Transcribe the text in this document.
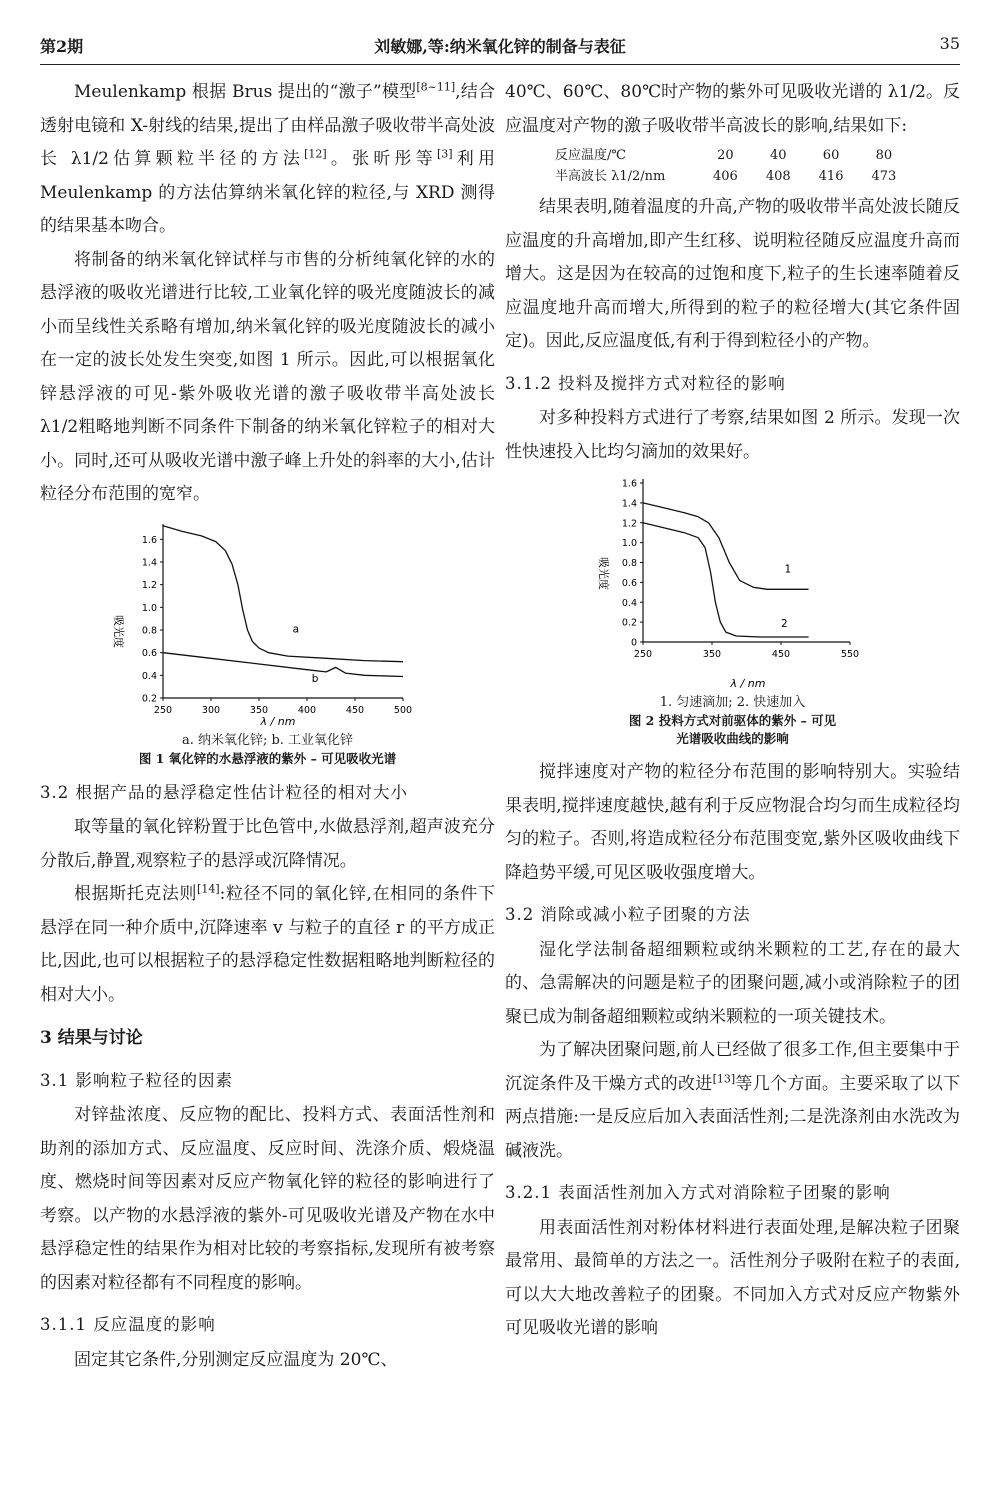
第2期	刘敏娜,等:纳米氧化锌的制备与表征	35

Meulenkamp 根据 Brus 提出的“激子”模型[8~11],结合透射电镜和 X-射线的结果,提出了由样品激子吸收带半高处波长 λ1/2估算颗粒半径的方法[12]。张昕彤等[3]利用 Meulenkamp 的方法估算纳米氧化锌的粒径,与 XRD 测得的结果基本吻合。

将制备的纳米氧化锌试样与市售的分析纯氧化锌的水的悬浮液的吸收光谱进行比较,工业氧化锌的吸光度随波长的减小而呈线性关系略有增加,纳米氧化锌的吸光度随波长的减小在一定的波长处发生突变,如图 1 所示。因此,可以根据氧化锌悬浮液的可见-紫外吸收光谱的激子吸收带半高处波长 λ1/2粗略地判断不同条件下制备的纳米氧化锌粒子的相对大小。同时,还可从吸收光谱中激子峰上升处的斜率的大小,估计粒径分布范围的宽窄。

吸光度
0.2
0.4
0.6
0.8
1.0
1.2
1.4
1.6
250	300	350	400	450	500
a
b
λ / nm
a. 纳米氧化锌; b. 工业氧化锌
图 1 氧化锌的水悬浮液的紫外 – 可见吸收光谱

3.2 根据产品的悬浮稳定性估计粒径的相对大小

取等量的氧化锌粉置于比色管中,水做悬浮剂,超声波充分分散后,静置,观察粒子的悬浮或沉降情况。

根据斯托克法则[14]:粒径不同的氧化锌,在相同的条件下悬浮在同一种介质中,沉降速率 v 与粒子的直径 r 的平方成正比,因此,也可以根据粒子的悬浮稳定性数据粗略地判断粒径的相对大小。

3 结果与讨论

3.1 影响粒子粒径的因素

对锌盐浓度、反应物的配比、投料方式、表面活性剂和助剂的添加方式、反应温度、反应时间、洗涤介质、煅烧温度、燃烧时间等因素对反应产物氧化锌的粒径的影响进行了考察。以产物的水悬浮液的紫外-可见吸收光谱及产物在水中悬浮稳定性的结果作为相对比较的考察指标,发现所有被考察的因素对粒径都有不同程度的影响。

3.1.1 反应温度的影响

固定其它条件,分别测定反应温度为 20℃、

40℃、60℃、80℃时产物的紫外可见吸收光谱的 λ1/2。反应温度对产物的激子吸收带半高波长的影响,结果如下:

反应温度/℃	20	40	60	80
半高波长 λ1/2/nm	406	408	416	473

结果表明,随着温度的升高,产物的吸收带半高处波长随反应温度的升高增加,即产生红移、说明粒径随反应温度升高而增大。这是因为在较高的过饱和度下,粒子的生长速率随着反应温度地升高而增大,所得到的粒子的粒径增大(其它条件固定)。因此,反应温度低,有利于得到粒径小的产物。

3.1.2 投料及搅拌方式对粒径的影响

对多种投料方式进行了考察,结果如图 2 所示。发现一次性快速投入比均匀滴加的效果好。

吸光度
0
0.2
0.4
0.6
0.8
1.0
1.2
1.4
1.6
250	350	450	550
1
2
λ / nm
1. 匀速滴加; 2. 快速加入
图 2 投料方式对前驱体的紫外 – 可见
光谱吸收曲线的影响

搅拌速度对产物的粒径分布范围的影响特别大。实验结果表明,搅拌速度越快,越有利于反应物混合均匀而生成粒径均匀的粒子。否则,将造成粒径分布范围变宽,紫外区吸收曲线下降趋势平缓,可见区吸收强度增大。

3.2 消除或减小粒子团聚的方法

湿化学法制备超细颗粒或纳米颗粒的工艺,存在的最大的、急需解决的问题是粒子的团聚问题,减小或消除粒子的团聚已成为制备超细颗粒或纳米颗粒的一项关键技术。

为了解决团聚问题,前人已经做了很多工作,但主要集中于沉淀条件及干燥方式的改进[13]等几个方面。主要采取了以下两点措施:一是反应后加入表面活性剂;二是洗涤剂由水洗改为碱液洗。

3.2.1 表面活性剂加入方式对消除粒子团聚的影响

用表面活性剂对粉体材料进行表面处理,是解决粒子团聚最常用、最简单的方法之一。活性剂分子吸附在粒子的表面,可以大大地改善粒子的团聚。不同加入方式对反应产物紫外可见吸收光谱的影响
